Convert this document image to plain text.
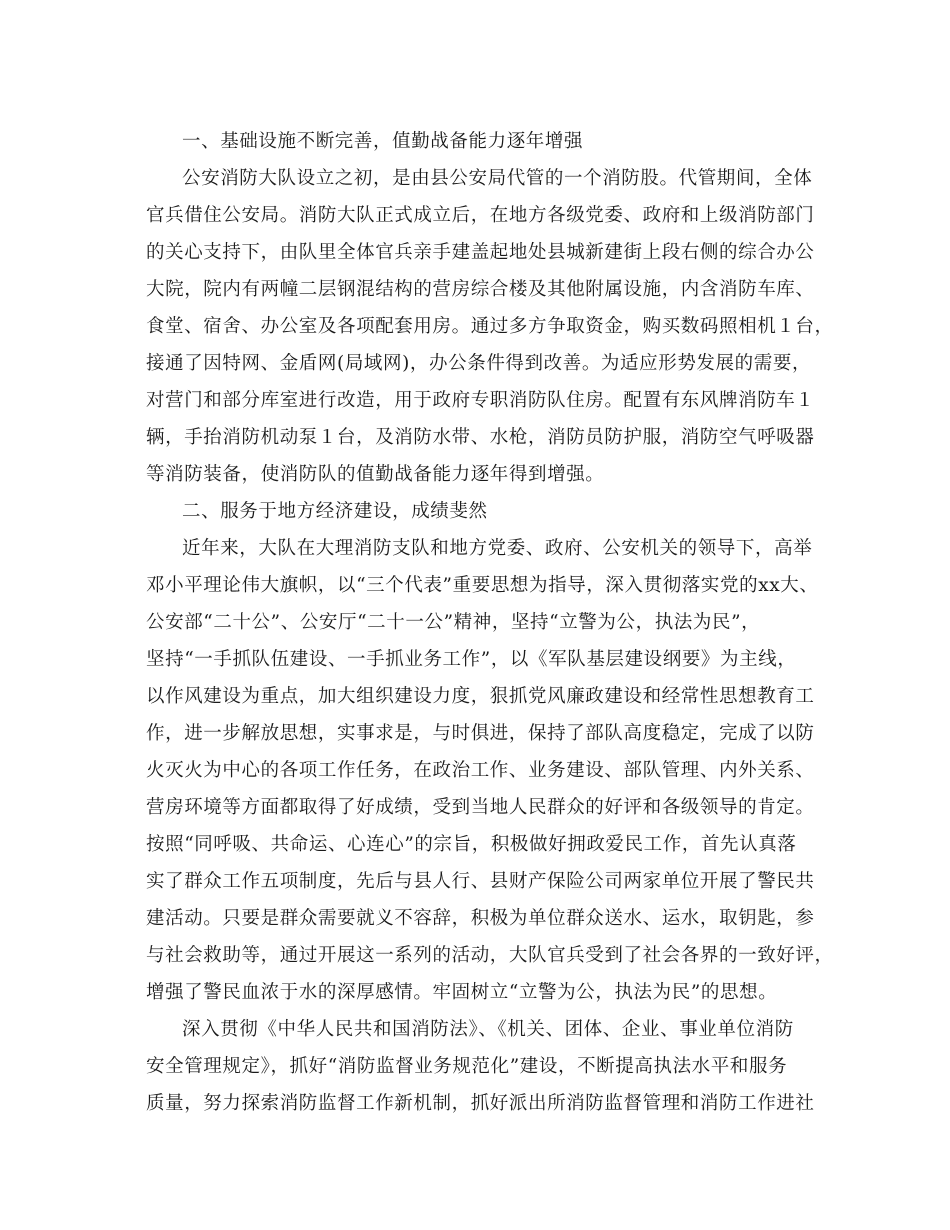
一、基础设施不断完善，值勤战备能力逐年增强

公安消防大队设立之初，是由县公安局代管的一个消防股。代管期间，全体

官兵借住公安局。消防大队正式成立后，在地方各级党委、政府和上级消防部门

的关心支持下，由队里全体官兵亲手建盖起地处县城新建街上段右侧的综合办公

大院，院内有两幢二层钢混结构的营房综合楼及其他附属设施，内含消防车库、

食堂、宿舍、办公室及各项配套用房。通过多方争取资金，购买数码照相机１台，

接通了因特网、金盾网(局域网)，办公条件得到改善。为适应形势发展的需要，

对营门和部分库室进行改造，用于政府专职消防队住房。配置有东风牌消防车１

辆，手抬消防机动泵１台，及消防水带、水枪，消防员防护服，消防空气呼吸器

等消防装备，使消防队的值勤战备能力逐年得到增强。

二、服务于地方经济建设，成绩斐然

近年来，大队在大理消防支队和地方党委、政府、公安机关的领导下，高举

邓小平理论伟大旗帜，以“三个代表”重要思想为指导，深入贯彻落实党的xx大、

公安部“二十公”、公安厅“二十一公”精神，坚持“立警为公，执法为民”，

坚持“一手抓队伍建设、一手抓业务工作”，以《军队基层建设纲要》为主线，

以作风建设为重点，加大组织建设力度，狠抓党风廉政建设和经常性思想教育工

作，进一步解放思想，实事求是，与时俱进，保持了部队高度稳定，完成了以防

火灭火为中心的各项工作任务，在政治工作、业务建设、部队管理、内外关系、

营房环境等方面都取得了好成绩，受到当地人民群众的好评和各级领导的肯定。

按照“同呼吸、共命运、心连心”的宗旨，积极做好拥政爱民工作，首先认真落

实了群众工作五项制度，先后与县人行、县财产保险公司两家单位开展了警民共

建活动。只要是群众需要就义不容辞，积极为单位群众送水、运水，取钥匙，参

与社会救助等，通过开展这一系列的活动，大队官兵受到了社会各界的一致好评，

增强了警民血浓于水的深厚感情。牢固树立“立警为公，执法为民”的思想。

深入贯彻《中华人民共和国消防法》、《机关、团体、企业、事业单位消防

安全管理规定》，抓好“消防监督业务规范化”建设，不断提高执法水平和服务

质量，努力探索消防监督工作新机制，抓好派出所消防监督管理和消防工作进社
